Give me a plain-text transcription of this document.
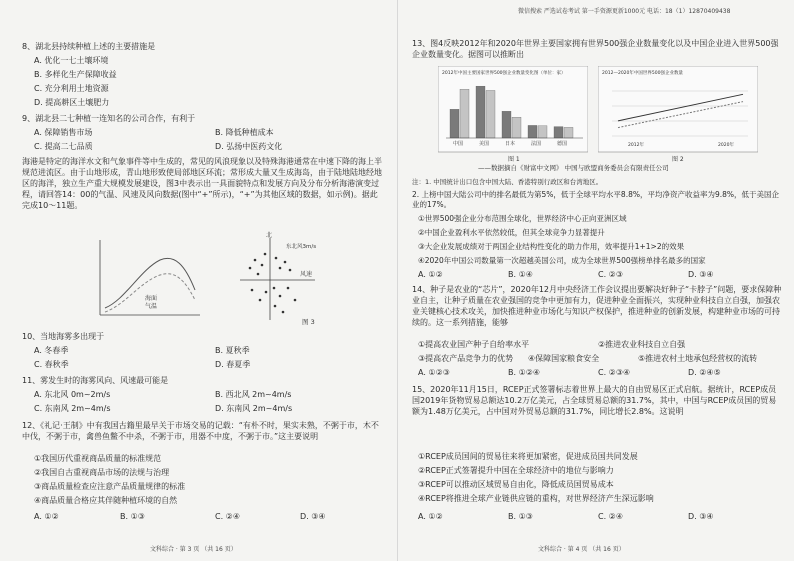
8、湖北县持续种植上述的主要措施是
A. 优化一七土壤环境
B. 多样化生产保障收益
C. 充分利用土地资源
D. 提高耕区土壤肥力
9、湖北县二七种植一连知名的公司合作，有利于
A. 保障销售市场	B. 降低种植成本
C. 提高二七品质	D. 弘扬中医药文化
海港是特定的海洋水文和气象事件等中生成的，常见的风浪现象以及特殊海港通常在中速下降的海上半规范进流区。由于山地形成，青山地形致使局部地区环流；常形成大量又生成海岛，由于陆地陆地经地区的海洋，独立生产重大规模发展建设，图3中表示出一具面貌特点和发展方向及分布分析海港演变过程，请回答14：00的气温、风速及风向数据(图中“+”所示)，“+”为其他区域的数据，如示例)。据此完成10～11题。
海面
气温
北
风速
东北风3m/s
图 3
10、当地海雾多出现于
A. 冬春季	B. 夏秋季
C. 春秋季	D. 春夏季
11、雾发生时的海雾风向、风速最可能是
A. 东北风 0m~2m/s	B. 西北风 2m~4m/s
C. 东南风 2m~4m/s	D. 东南风 2m~4m/s
12、《礼记·王制》中有我国古籍里最早关于市场交易的记载：“有朴不时，果实未熟，不粥于市，木不中伐，不粥于市，禽兽鱼鳖不中杀，不粥于市，用器不中度，不粥于市。”这主要说明
①我国历代重视商品质量的标准规范
②我国自古重视商品市场的法规与治理
③商品质量检查应注意产品质量规律的标准
④商品质量合格应其伴随种植环境的自然
A. ①②	B. ①③	C. ②④	D. ③④
文科综合 · 第 3 页 （共 16 页）
微信搜索 严选试卷考试 第一手资源更新1000元 电话：18（1）12870409438
13、图4反映2012年和2020年世界主要国家拥有世界500强企业数量变化以及中国企业进入世界500强企业数量变化。据图可以推断出
2012年中国主要国家世界500强企业数量变化图（单位：家）
中国	美国	日本	法国	德国
图 1
2012—2020年中国世界500强企业数量
2012年	2020年
图 2
——数据摘自《财富中文网》 中国与欧盟商务委员会有限责任公司
注：1. 中国统计出口包含中国大陆、香港特别行政区和台湾地区。
2. 上榜中国大陆公司中的排名最低为第5%，低于全球平均水平8.8%，平均净资产收益率为9.8%，低于美国企业的17%。
①世界500强企业分布范围全球化，世界经济中心正向亚洲区域
②中国企业盈利水平依然较低，但其全球竞争力显著提升
③大企业发展成绩对于两国企业结构性变化的助力作用，效率提升1+1>2的效果
④2020年中国公司数量第一次超越美国公司，成为全球世界500强榜单排名最多的国家
A. ①②	B. ①④	C. ②③	D. ③④
14、种子是农业的“芯片”，2020年12月中央经济工作会议提出要解决好种子“卡脖子”问题，要求保障种业自主，让种子质量在农业强国的竞争中更加有力，促进种业全面振兴，实现种业科技自立自强，加强农业关键核心技术攻关，加快推进种业市场化与知识产权保护，推进种业的创新发展，构建种业市场的可持续的。这一系列措施，能够
①提高农业国产种子自给率水平	②推进农业科技自立自强
③提高农产品竞争力的优势 ④保障国家粮食安全	⑤推进农村土地承包经营权的流转
A. ①②③	B. ①②④	C. ②③④	D. ②④⑤
15、2020年11月15日，RCEP正式签署标志着世界上最大的自由贸易区正式启航。据统计，RCEP成员国2019年货物贸易总额达10.2万亿美元，占全球贸易总额的31.7%，其中，中国与RCEP成员国的贸易额为1.48万亿美元，占中国对外贸易总额的31.7%，同比增长2.8%。这说明
①RCEP成员国间的贸易往来将更加紧密，促进成员国共同发展
②RCEP正式签署提升中国在全球经济中的地位与影响力
③RCEP可以推动区域贸易自由化，降低成员国贸易成本
④RCEP将推进全球产业链供应链的重构，对世界经济产生深远影响
A. ①②	B. ①③	C. ②④	D. ③④
文科综合 · 第 4 页 （共 16 页）
